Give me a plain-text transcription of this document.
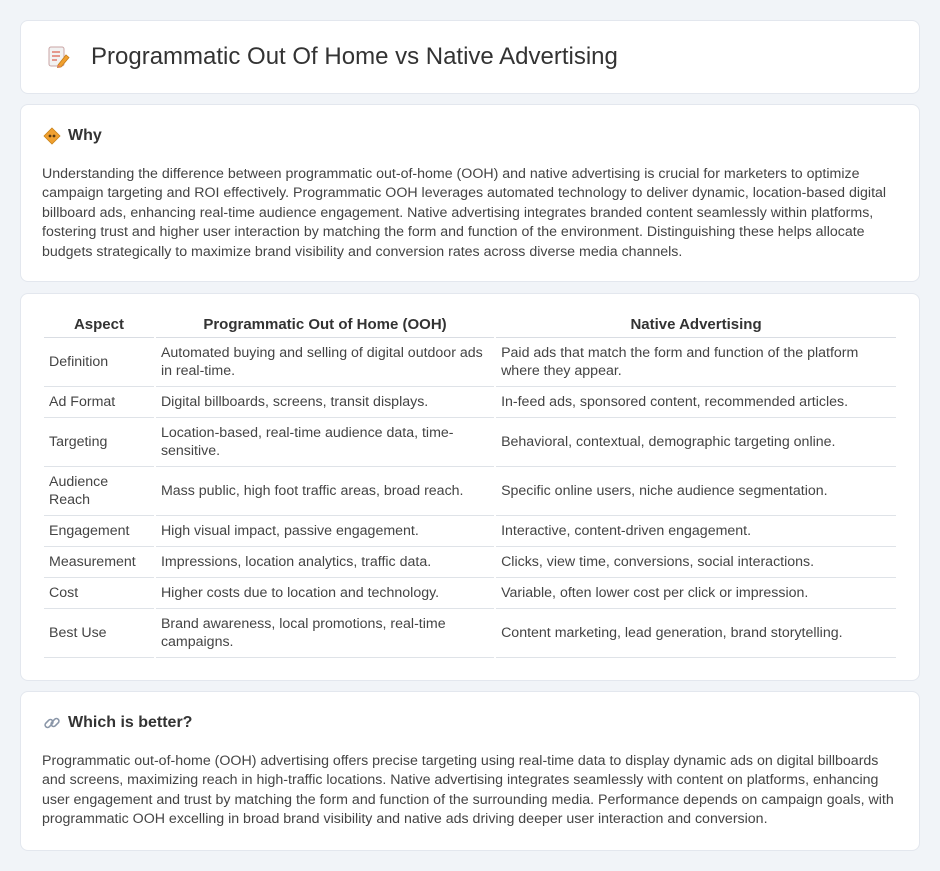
Programmatic Out Of Home vs Native Advertising
Why

Understanding the difference between programmatic out-of-home (OOH) and native advertising is crucial for marketers to optimize campaign targeting and ROI effectively. Programmatic OOH leverages automated technology to deliver dynamic, location-based digital billboard ads, enhancing real-time audience engagement. Native advertising integrates branded content seamlessly within platforms, fostering trust and higher user interaction by matching the form and function of the environment. Distinguishing these helps allocate budgets strategically to maximize brand visibility and conversion rates across diverse media channels.

Aspect	Programmatic Out of Home (OOH)	Native Advertising
Definition	Automated buying and selling of digital outdoor ads in real-time.	Paid ads that match the form and function of the platform where they appear.
Ad Format	Digital billboards, screens, transit displays.	In-feed ads, sponsored content, recommended articles.
Targeting	Location-based, real-time audience data, time-sensitive.	Behavioral, contextual, demographic targeting online.
Audience Reach	Mass public, high foot traffic areas, broad reach.	Specific online users, niche audience segmentation.
Engagement	High visual impact, passive engagement.	Interactive, content-driven engagement.
Measurement	Impressions, location analytics, traffic data.	Clicks, view time, conversions, social interactions.
Cost	Higher costs due to location and technology.	Variable, often lower cost per click or impression.
Best Use	Brand awareness, local promotions, real-time campaigns.	Content marketing, lead generation, brand storytelling.
Which is better?

Programmatic out-of-home (OOH) advertising offers precise targeting using real-time data to display dynamic ads on digital billboards and screens, maximizing reach in high-traffic locations. Native advertising integrates seamlessly with content on platforms, enhancing user engagement and trust by matching the form and function of the surrounding media. Performance depends on campaign goals, with programmatic OOH excelling in broad brand visibility and native ads driving deeper user interaction and conversion.
